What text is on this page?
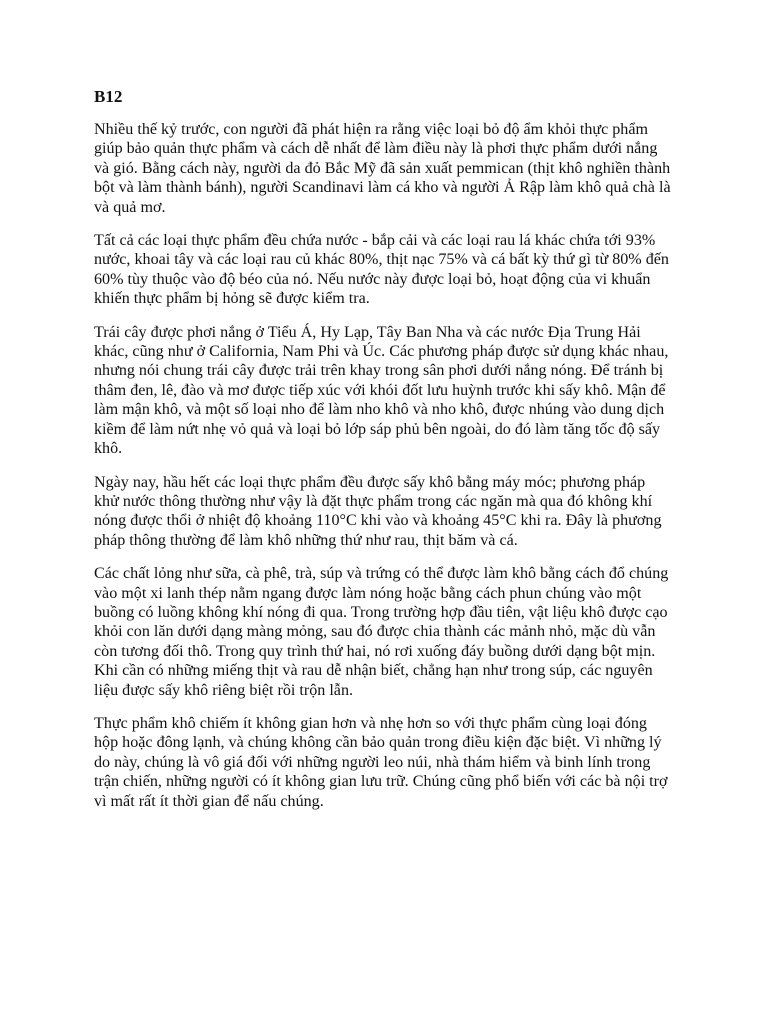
B12

Nhiều thế kỷ trước, con người đã phát hiện ra rằng việc loại bỏ độ ẩm khỏi thực phẩm giúp bảo quản thực phẩm và cách dễ nhất để làm điều này là phơi thực phẩm dưới nắng và gió. Bằng cách này, người da đỏ Bắc Mỹ đã sản xuất pemmican (thịt khô nghiền thành bột và làm thành bánh), người Scandinavi làm cá kho và người Ả Rập làm khô quả chà là và quả mơ.

Tất cả các loại thực phẩm đều chứa nước - bắp cải và các loại rau lá khác chứa tới 93% nước, khoai tây và các loại rau củ khác 80%, thịt nạc 75% và cá bất kỳ thứ gì từ 80% đến 60% tùy thuộc vào độ béo của nó. Nếu nước này được loại bỏ, hoạt động của vi khuẩn khiến thực phẩm bị hỏng sẽ được kiểm tra.

Trái cây được phơi nắng ở Tiểu Á, Hy Lạp, Tây Ban Nha và các nước Địa Trung Hải khác, cũng như ở California, Nam Phi và Úc. Các phương pháp được sử dụng khác nhau, nhưng nói chung trái cây được trải trên khay trong sân phơi dưới nắng nóng. Để tránh bị thâm đen, lê, đào và mơ được tiếp xúc với khói đốt lưu huỳnh trước khi sấy khô. Mận để làm mận khô, và một số loại nho để làm nho khô và nho khô, được nhúng vào dung dịch kiềm để làm nứt nhẹ vỏ quả và loại bỏ lớp sáp phủ bên ngoài, do đó làm tăng tốc độ sấy khô.

Ngày nay, hầu hết các loại thực phẩm đều được sấy khô bằng máy móc; phương pháp khử nước thông thường như vậy là đặt thực phẩm trong các ngăn mà qua đó không khí nóng được thổi ở nhiệt độ khoảng 110°C khi vào và khoảng 45°C khi ra. Đây là phương pháp thông thường để làm khô những thứ như rau, thịt băm và cá.

Các chất lỏng như sữa, cà phê, trà, súp và trứng có thể được làm khô bằng cách đổ chúng vào một xi lanh thép nằm ngang được làm nóng hoặc bằng cách phun chúng vào một buồng có luồng không khí nóng đi qua. Trong trường hợp đầu tiên, vật liệu khô được cạo khỏi con lăn dưới dạng màng mỏng, sau đó được chia thành các mảnh nhỏ, mặc dù vẫn còn tương đối thô. Trong quy trình thứ hai, nó rơi xuống đáy buồng dưới dạng bột mịn. Khi cần có những miếng thịt và rau dễ nhận biết, chẳng hạn như trong súp, các nguyên liệu được sấy khô riêng biệt rồi trộn lẫn.

Thực phẩm khô chiếm ít không gian hơn và nhẹ hơn so với thực phẩm cùng loại đóng hộp hoặc đông lạnh, và chúng không cần bảo quản trong điều kiện đặc biệt. Vì những lý do này, chúng là vô giá đối với những người leo núi, nhà thám hiểm và binh lính trong trận chiến, những người có ít không gian lưu trữ. Chúng cũng phổ biến với các bà nội trợ vì mất rất ít thời gian để nấu chúng.
